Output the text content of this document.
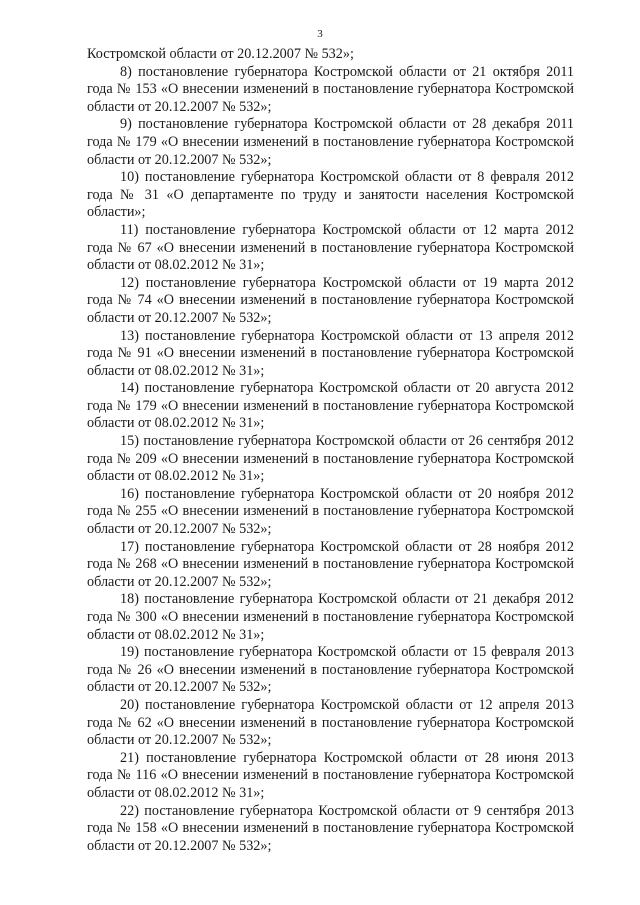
3

Костромской области от 20.12.2007 № 532»;

8) постановление губернатора Костромской области от 21 октября 2011 года № 153 «О внесении изменений в постановление губернатора Костромской области от 20.12.2007 № 532»;

9) постановление губернатора Костромской области от 28 декабря 2011 года № 179 «О внесении изменений в постановление губернатора Костромской области от 20.12.2007 № 532»;

10) постановление губернатора Костромской области от 8 февраля 2012 года № 31 «О департаменте по труду и занятости населения Костромской области»;

11) постановление губернатора Костромской области от 12 марта 2012 года № 67 «О внесении изменений в постановление губернатора Костромской области от 08.02.2012 № 31»;

12) постановление губернатора Костромской области от 19 марта 2012 года № 74 «О внесении изменений в постановление губернатора Костромской области от 20.12.2007 № 532»;

13) постановление губернатора Костромской области от 13 апреля 2012 года № 91 «О внесении изменений в постановление губернатора Костромской области от 08.02.2012 № 31»;

14) постановление губернатора Костромской области от 20 августа 2012 года № 179 «О внесении изменений в постановление губернатора Костромской области от 08.02.2012 № 31»;

15) постановление губернатора Костромской области от 26 сентября 2012 года № 209 «О внесении изменений в постановление губернатора Костромской области от 08.02.2012 № 31»;

16) постановление губернатора Костромской области от 20 ноября 2012 года № 255 «О внесении изменений в постановление губернатора Костромской области от 20.12.2007 № 532»;

17) постановление губернатора Костромской области от 28 ноября 2012 года № 268 «О внесении изменений в постановление губернатора Костромской области от 20.12.2007 № 532»;

18) постановление губернатора Костромской области от 21 декабря 2012 года № 300 «О внесении изменений в постановление губернатора Костромской области от 08.02.2012 № 31»;

19) постановление губернатора Костромской области от 15 февраля 2013 года № 26 «О внесении изменений в постановление губернатора Костромской области от 20.12.2007 № 532»;

20) постановление губернатора Костромской области от 12 апреля 2013 года № 62 «О внесении изменений в постановление губернатора Костромской области от 20.12.2007 № 532»;

21) постановление губернатора Костромской области от 28 июня 2013 года № 116 «О внесении изменений в постановление губернатора Костромской области от 08.02.2012 № 31»;

22) постановление губернатора Костромской области от 9 сентября 2013 года № 158 «О внесении изменений в постановление губернатора Костромской области от 20.12.2007 № 532»;
